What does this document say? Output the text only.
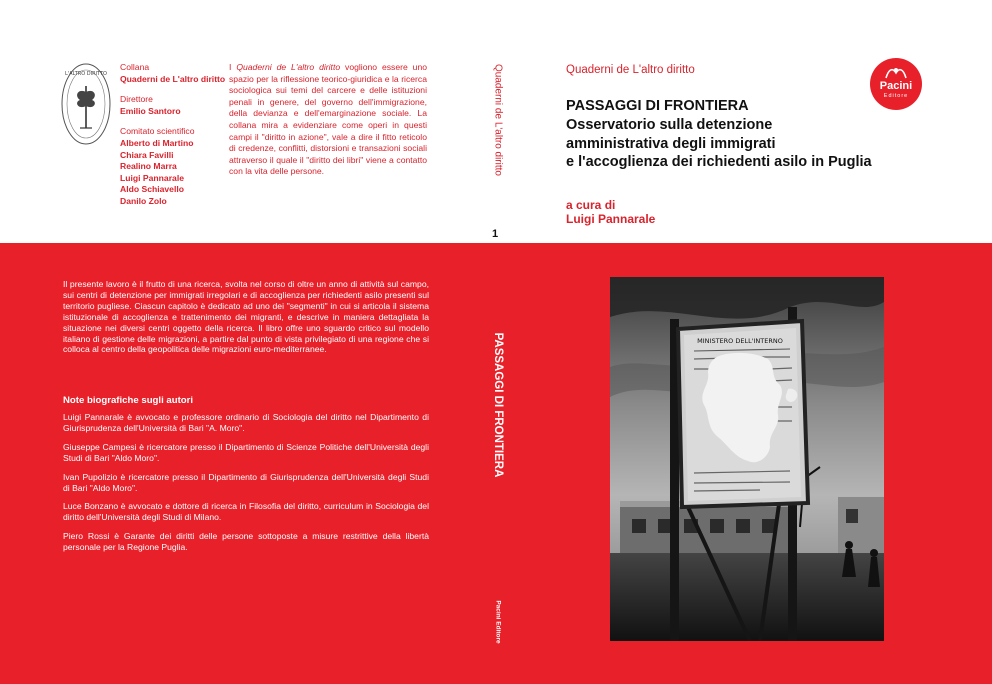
L'ALTRO DIRITTO
Collana
Quaderni de L'altro diritto
Direttore
Emilio Santoro
Comitato scientifico
Alberto di Martino
Chiara Favilli
Realino Marra
Luigi Pannarale
Aldo Schiavello
Danilo Zolo
I Quaderni de L'altro diritto vogliono essere uno spazio per la riflessione teorico-giuridica e la ricerca sociologica sui temi del carcere e delle istituzioni penali in genere, del governo dell'immigrazione, della devianza e dell'emarginazione sociale. La collana mira a evidenziare come operi in questi campi il "diritto in azione", vale a dire il fitto reticolo di credenze, conflitti, distorsioni e transazioni sociali attraverso il quale il "diritto dei libri" viene a contatto con la vita delle persone.	Quaderni de L'altro diritto
1
PASSAGGI DI FRONTIERA
Pacini Editore
Quaderni de L'altro diritto
Pacini
Editore
PASSAGGI DI FRONTIERA
Osservatorio sulla detenzione
amministrativa degli immigrati
e l'accoglienza dei richiedenti asilo in Puglia
a cura di
Luigi Pannarale
Il presente lavoro è il frutto di una ricerca, svolta nel corso di oltre un anno di attività sul campo, sui centri di detenzione per immigrati irregolari e di accoglienza per richiedenti asilo presenti sul territorio pugliese. Ciascun capitolo è dedicato ad uno dei "segmenti" in cui si articola il sistema istituzionale di accoglienza e trattenimento dei migranti, e descrive in maniera dettagliata la situazione nei diversi centri oggetto della ricerca. Il libro offre uno sguardo critico sul modello italiano di gestione delle migrazioni, a partire dal punto di vista privilegiato di una regione che si colloca al centro della geopolitica delle migrazioni euro-mediterranee.
Note biografiche sugli autori

Luigi Pannarale è avvocato e professore ordinario di Sociologia del diritto nel Dipartimento di Giurisprudenza dell'Università di Bari "A. Moro".

Giuseppe Campesi è ricercatore presso il Dipartimento di Scienze Politiche dell'Università degli Studi di Bari "Aldo Moro".

Ivan Pupolizio è ricercatore presso il Dipartimento di Giurisprudenza dell'Università degli Studi di Bari "Aldo Moro".

Luce Bonzano è avvocato e dottore di ricerca in Filosofia del diritto, curriculum in Sociologia del diritto dell'Università degli Studi di Milano.

Piero Rossi è Garante dei diritti delle persone sottoposte a misure restrittive della libertà personale per la Regione Puglia.

MINISTERO DELL'INTERNO
